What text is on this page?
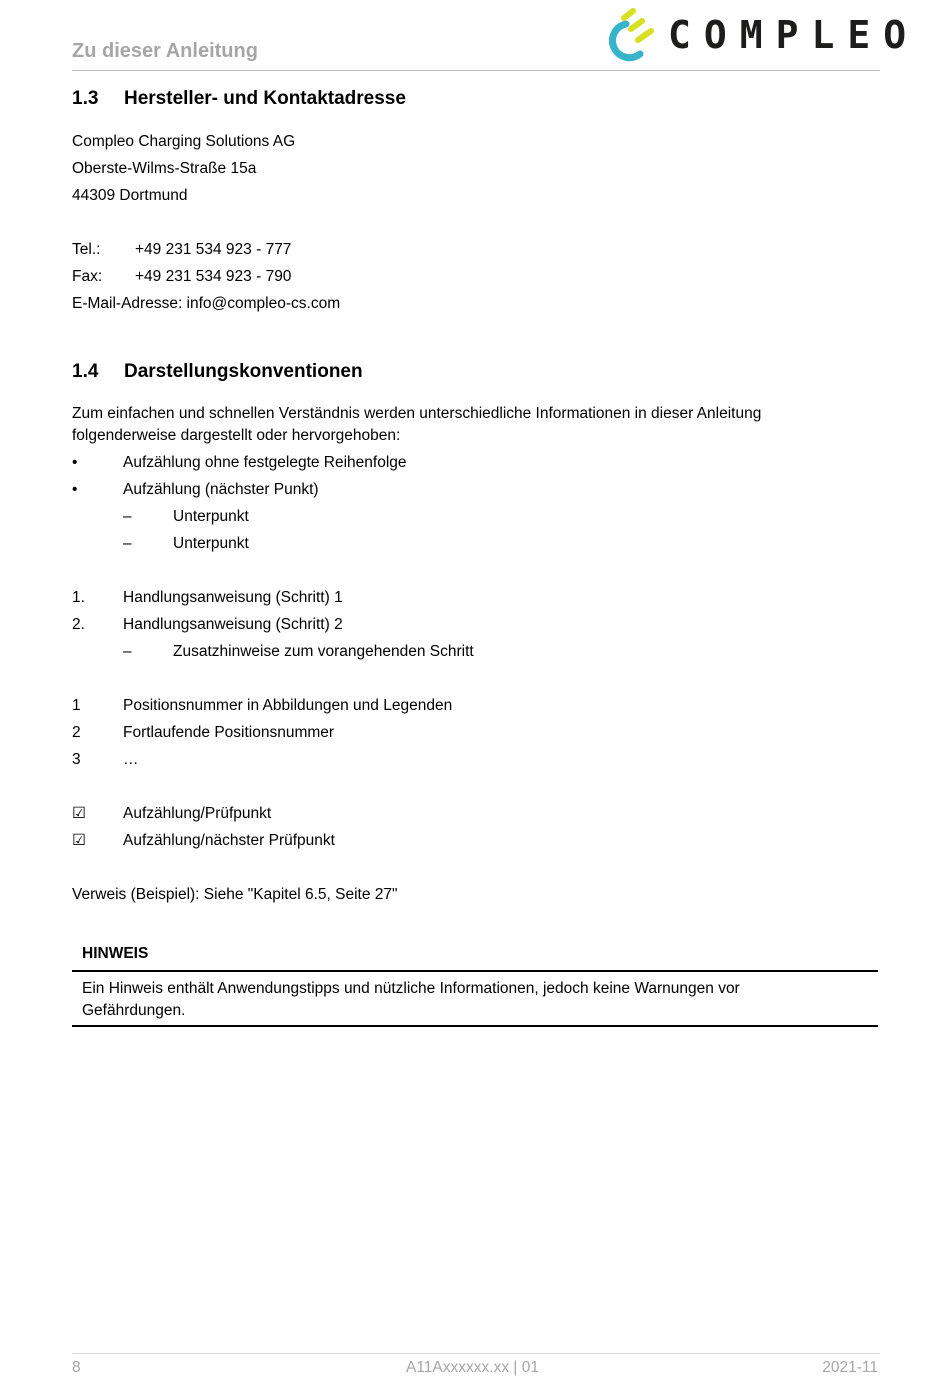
Zu dieser Anleitung	COMPLEO
1.3 Hersteller- und Kontaktadresse
Compleo Charging Solutions AG
Oberste-Wilms-Straße 15a
44309 Dortmund
Tel.: +49 231 534 923 - 777
Fax: +49 231 534 923 - 790
E-Mail-Adresse: info@compleo-cs.com
1.4 Darstellungskonventionen
Zum einfachen und schnellen Verständnis werden unterschiedliche Informationen in dieser Anleitung folgenderweise dargestellt oder hervorgehoben:
•	Aufzählung ohne festgelegte Reihenfolge
•	Aufzählung (nächster Punkt)
–	Unterpunkt
–	Unterpunkt
1. Handlungsanweisung (Schritt) 1
2. Handlungsanweisung (Schritt) 2
–	Zusatzhinweise zum vorangehenden Schritt
1	Positionsnummer in Abbildungen und Legenden
2	Fortlaufende Positionsnummer
3	…
☑ Aufzählung/Prüfpunkt
☑ Aufzählung/nächster Prüfpunkt
Verweis (Beispiel): Siehe "Kapitel 6.5, Seite 27"
HINWEIS
Ein Hinweis enthält Anwendungstipps und nützliche Informationen, jedoch keine Warnungen vor Gefährdungen.
8	A11Axxxxxx.xx | 01	2021-11
